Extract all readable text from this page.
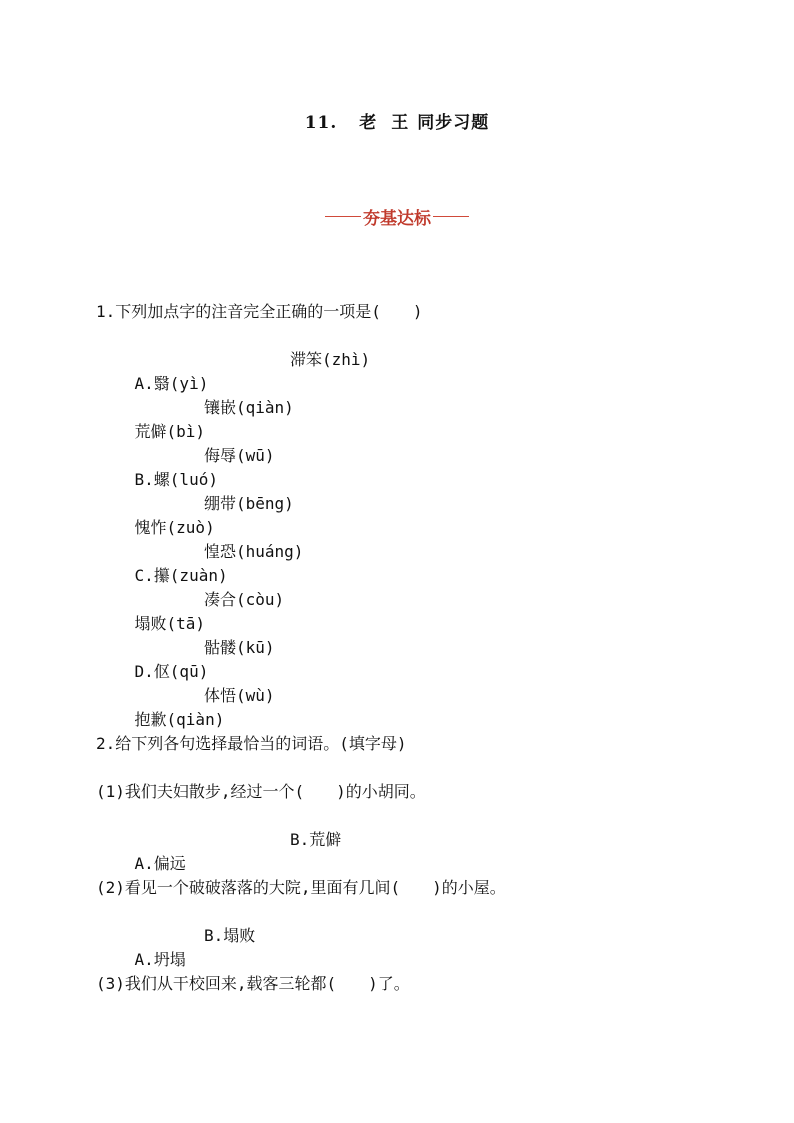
11. 老 王 同步习题
夯基达标
1.下列加点字的注音完全正确的一项是( )

A.翳(yì)

滞笨(zhì)

荒僻(bì)

镶嵌(qiàn)

B.螺(luó)

侮辱(wū)

愧怍(zuò)

绷带(bēng)

C.攥(zuàn)

惶恐(huáng)

塌败(tā)

凑合(còu)

D.伛(qū)

骷髅(kū)

抱歉(qiàn)

体悟(wù)

2.给下列各句选择最恰当的词语。(填字母)
(1)我们夫妇散步,经过一个( )的小胡同。

A.偏远

B.荒僻

(2)看见一个破破落落的大院,里面有几间( )的小屋。

A.坍塌

B.塌败

(3)我们从干校回来,载客三轮都( )了。
